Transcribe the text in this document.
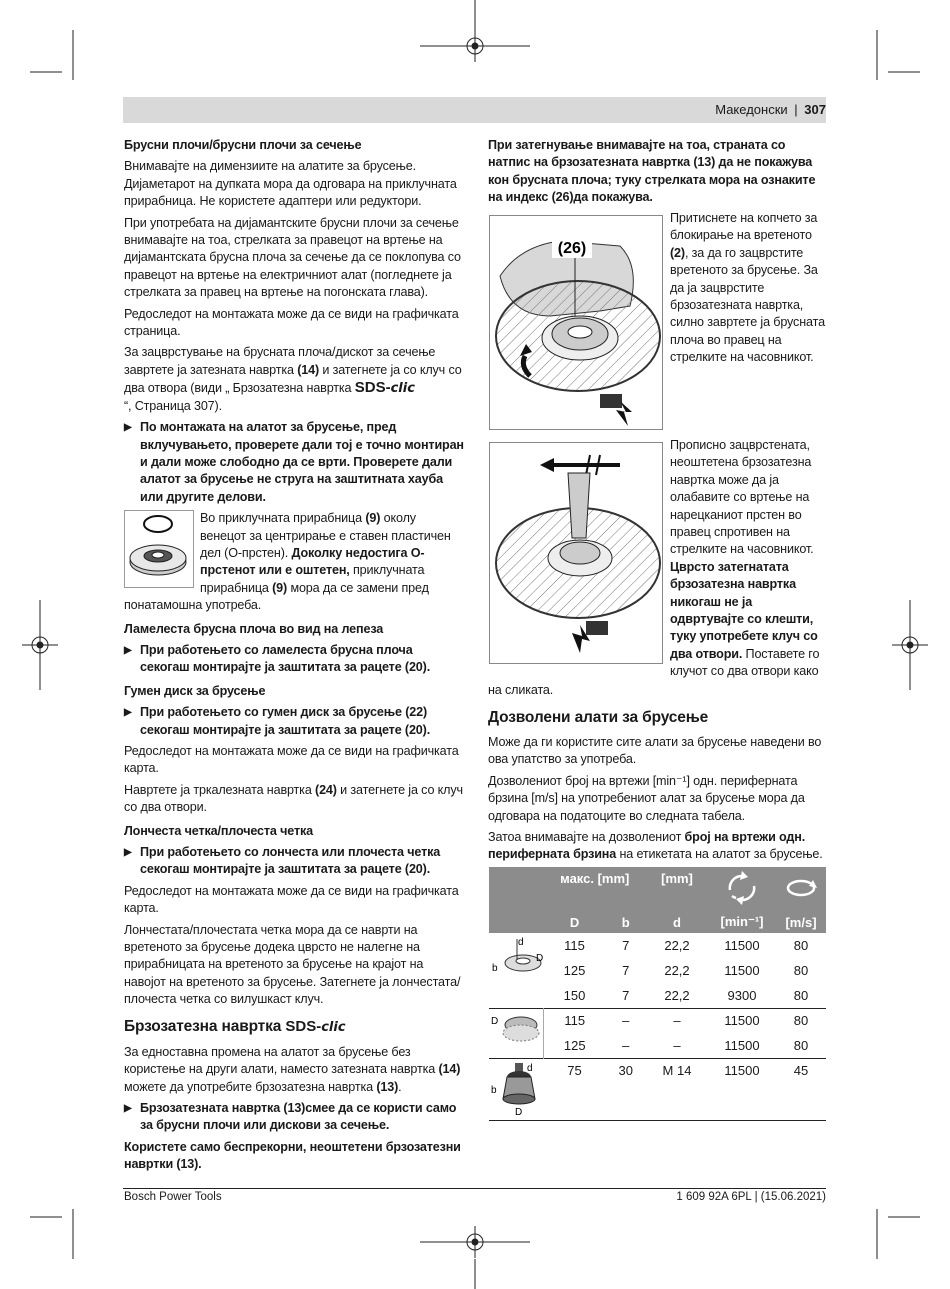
Македонски | 307
Брусни плочи/брусни плочи за сечење

Внимавајте на димензиите на алатите за брусење. Дијаметарот на дупката мора да одговара на приклучната прирабница. Не користете адаптери или редуктори.

При употребата на дијамантските брусни плочи за сечење внимавајте на тоа, стрелката за правецот на вртење на дијамантската брусна плоча за сечење да се поклопува со правецот на вртење на електричниот алат (погледнете ја стрелката за правец на вртење на погонската глава).

Редоследот на монтажата може да се види на графичката страница.

За зацврстување на брусната плоча/дискот за сечење завртете ја затезната навртка (14) и затегнете ја со клуч со два отвора (види „ Брзозатезна навртка SDS-clic
“, Страница 307).

▶ По монтажата на алатот за брусење, пред вклучувањето, проверете дали тој е точно монтиран и дали може слободно да се врти. Проверете дали алатот за брусење не струга на заштитната хауба или другите делови.

Во приклучната прирабница (9) околу венецот за центрирање е ставен пластичен дел (О-прстен). Доколку недостига О-прстенот или е оштетен, приклучната прирабница (9) мора да се замени пред понатамошна употреба.

Ламелеста брусна плоча во вид на лепеза
▶ При работењето со ламелеста брусна плоча секогаш монтирајте ја заштитата за рацете (20).
Гумен диск за брусење
▶ При работењето со гумен диск за брусење (22) секогаш монтирајте ја заштитата за рацете (20).

Редоследот на монтажата може да се види на графичката карта.

Навртете ја тркалезната навртка (24) и затегнете ја со клуч со два отвори.

Лончеста четка/плочеста четка
▶ При работењето со лончеста или плочеста четка секогаш монтирајте ја заштитата за рацете (20).

Редоследот на монтажата може да се види на графичката карта.

Лончестата/плочестата четка мора да се наврти на вретеното за брусење додека цврсто не налегне на прирабницата на вретеното за брусење на крајот на навојот на вретеното за брусење. Затегнете ја лончестата/плочеста четка со вилушкаст клуч.

Брзозатезна навртка SDS-clic

За едноставна промена на алатот за брусење без користење на други алати, наместо затезната навртка (14) можете да употребите брзозатезна навртка (13).

▶ Брзозатезната навртка (13)смее да се користи само за брусни плочи или дискови за сечење.

Користете само беспрекорни, неоштетени брзозатезни навртки (13).

При затегнување внимавајте на тоа, страната со натпис на брзозатезната навртка (13) да не покажува кон брусната плоча; туку стрелката мора на ознаките на индекс (26)да покажува.
(26)
Притиснете на копчето за блокирање на вретеното (2), за да го зацврстите вретеното за брусење. За да ја зацврстите брзозатезната навртка, силно завртете ја брусната плоча во правец на стрелките на часовникот.
Прописно зацврстената, неоштетена брзозатезна навртка може да ја олабавите со вртење на нарецканиот прстен во правец спротивен на стрелките на часовникот. Цврсто затегнатата брзозатезна навртка никогаш не ја одвртувајте со клешти, туку употребете клуч со два отвори. Поставете го клучот со два отвори како
на сликата.
Дозволени алати за брусење

Може да ги користите сите алати за брусење наведени во ова упатство за употреба.

Дозволениот број на вртежи [min⁻¹] одн. периферната брзина [m/s] на употребениот алат за брусење мора да одговара на податоците во следната табела.

Затоа внимавајте на дозволениот број на вртежи одн. периферната брзина на етикетата на алатот за брусење.

	макс. [mm]		[mm]		
	D	b	d	[min⁻¹]	[m/s]

d
D
b	115	7	22,2	11500	80
	125	7	22,2	11500	80
	150	7	22,2	9300	80

D	115	–	–	11500	80
	125	–	–	11500	80

d
b
D	75	30	M 14	11500	45
Bosch Power Tools	1 609 92A 6PL | (15.06.2021)
